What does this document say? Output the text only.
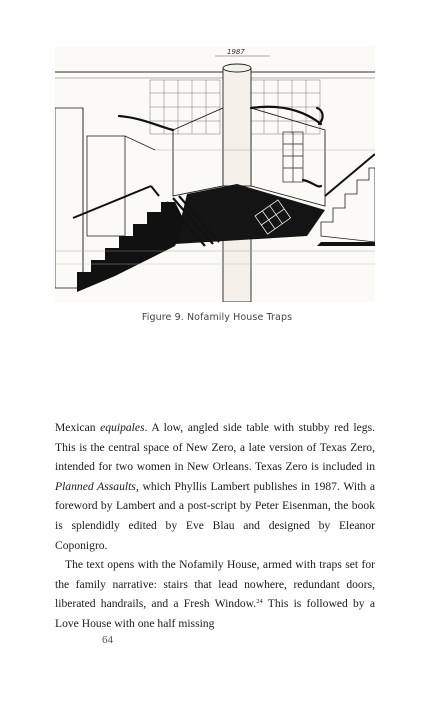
1987
Figure 9. Nofamily House Traps

Mexican equipales. A low, angled side table with stubby red legs. This is the central space of New Zero, a late version of Texas Zero, intended for two women in New Orleans. Texas Zero is included in Planned Assaults, which Phyllis Lambert publishes in 1987. With a foreword by Lambert and a post-script by Peter Eisenman, the book is splendidly edited by Eve Blau and designed by Eleanor Coponigro.

The text opens with the Nofamily House, armed with traps set for the family narrative: stairs that lead nowhere, redundant doors, liberated handrails, and a Fresh Window.$^{24}$ This is followed by a Love House with one half missing

64
